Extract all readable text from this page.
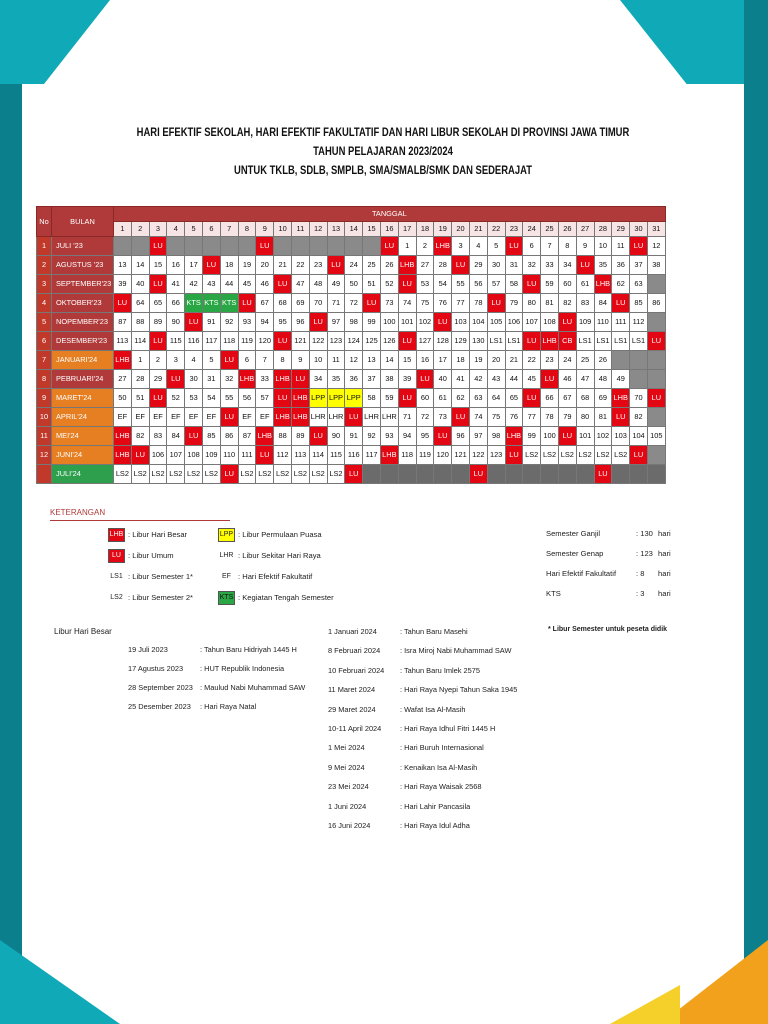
HARI EFEKTIF SEKOLAH, HARI EFEKTIF FAKULTATIF DAN HARI LIBUR SEKOLAH DI PROVINSI JAWA TIMUR
TAHUN PELAJARAN 2023/2024
UNTUK TKLB, SDLB, SMPLB, SMA/SMALB/SMK DAN SEDERAJAT
No	BULAN	TANGGAL																														
		1	2	3	4	5	6	7	8	9	10	11	12	13	14	15	16	17	18	19	20	21	22	23	24	25	26	27	28	29	30	31
1	JULI '23			LU						LU							LU	1	2	LHB	3	4	5	LU	6	7	8	9	10	11	LU	12
2	AGUSTUS '23	13	14	15	16	17	LU	18	19	20	21	22	23	LU	24	25	26	LHB	27	28	LU	29	30	31	32	33	34	LU	35	36	37	38
3	SEPTEMBER'23	39	40	LU	41	42	43	44	45	46	LU	47	48	49	50	51	52	LU	53	54	55	56	57	58	LU	59	60	61	LHB	62	63	
4	OKTOBER'23	LU	64	65	66	KTS	KTS	KTS	LU	67	68	69	70	71	72	LU	73	74	75	76	77	78	LU	79	80	81	82	83	84	LU	85	86
5	NOPEMBER'23	87	88	89	90	LU	91	92	93	94	95	96	LU	97	98	99	100	101	102	LU	103	104	105	106	107	108	LU	109	110	111	112	
6	DESEMBER'23	113	114	LU	115	116	117	118	119	120	LU	121	122	123	124	125	126	LU	127	128	129	130	LS1	LS1	LU	LHB	CB	LS1	LS1	LS1	LS1	LU
7	JANUARI'24	LHB	1	2	3	4	5	LU	6	7	8	9	10	11	12	13	14	15	16	17	18	19	20	21	22	23	24	25	26			
8	PEBRUARI'24	27	28	29	LU	30	31	32	LHB	33	LHB	LU	34	35	36	37	38	39	LU	40	41	42	43	44	45	LU	46	47	48	49		
9	MARET'24	50	51	LU	52	53	54	55	56	57	LU	LHB	LPP	LPP	LPP	58	59	LU	60	61	62	63	64	65	LU	66	67	68	69	LHB	70	LU
10	APRIL'24	EF	EF	EF	EF	EF	EF	LU	EF	EF	LHB	LHB	LHR	LHR	LU	LHR	LHR	71	72	73	LU	74	75	76	77	78	79	80	81	LU	82	
11	MEI'24	LHB	82	83	84	LU	85	86	87	LHB	88	89	LU	90	91	92	93	94	95	LU	96	97	98	LHB	99	100	LU	101	102	103	104	105
12	JUNI'24	LHB	LU	106	107	108	109	110	111	LU	112	113	114	115	116	117	LHB	118	119	120	121	122	123	LU	LS2	LS2	LS2	LS2	LS2	LS2	LU	
	JULI'24	LS2	LS2	LS2	LS2	LS2	LS2	LU	LS2	LS2	LS2	LS2	LS2	LS2	LU							LU							LU			
KETERANGAN
LHB : Libur Hari Besar
LU : Libur Umum
LS1 : Libur Semester 1*
LS2 : Libur Semester 2*
LPP : Libur Permulaan Puasa
LHR : Libur Sekitar Hari Raya
EF : Hari Efektif Fakultatif
KTS : Kegiatan Tengah Semester
Semester Ganjil	: 130 hari
Semester Genap	: 123 hari
Hari Efektif Fakultatif	: 8 hari
KTS	: 3 hari
Libur Hari Besar	* Libur Semester untuk peseta didik
19 Juli 2023	: Tahun Baru Hidriyah 1445 H
17 Agustus 2023 : HUT Republik Indonesia
28 September 2023 : Maulud Nabi Muhammad SAW
25 Desember 2023 : Hari Raya Natal
1 Januari 2024	: Tahun Baru Masehi
8 Februari 2024	: Isra Miroj Nabi Muhammad SAW
10 Februari 2024 : Tahun Baru Imlek 2575
11 Maret 2024	: Hari Raya Nyepi Tahun Saka 1945
29 Maret 2024	: Wafat Isa Al-Masih
10-11 April 2024	: Hari Raya Idhul Fitri 1445 H
1 Mei 2024	: Hari Buruh Internasional
9 Mei 2024	: Kenaikan Isa Al-Masih
23 Mei 2024	: Hari Raya Waisak 2568
1 Juni 2024	: Hari Lahir Pancasila
16 Juni 2024	: Hari Raya Idul Adha
